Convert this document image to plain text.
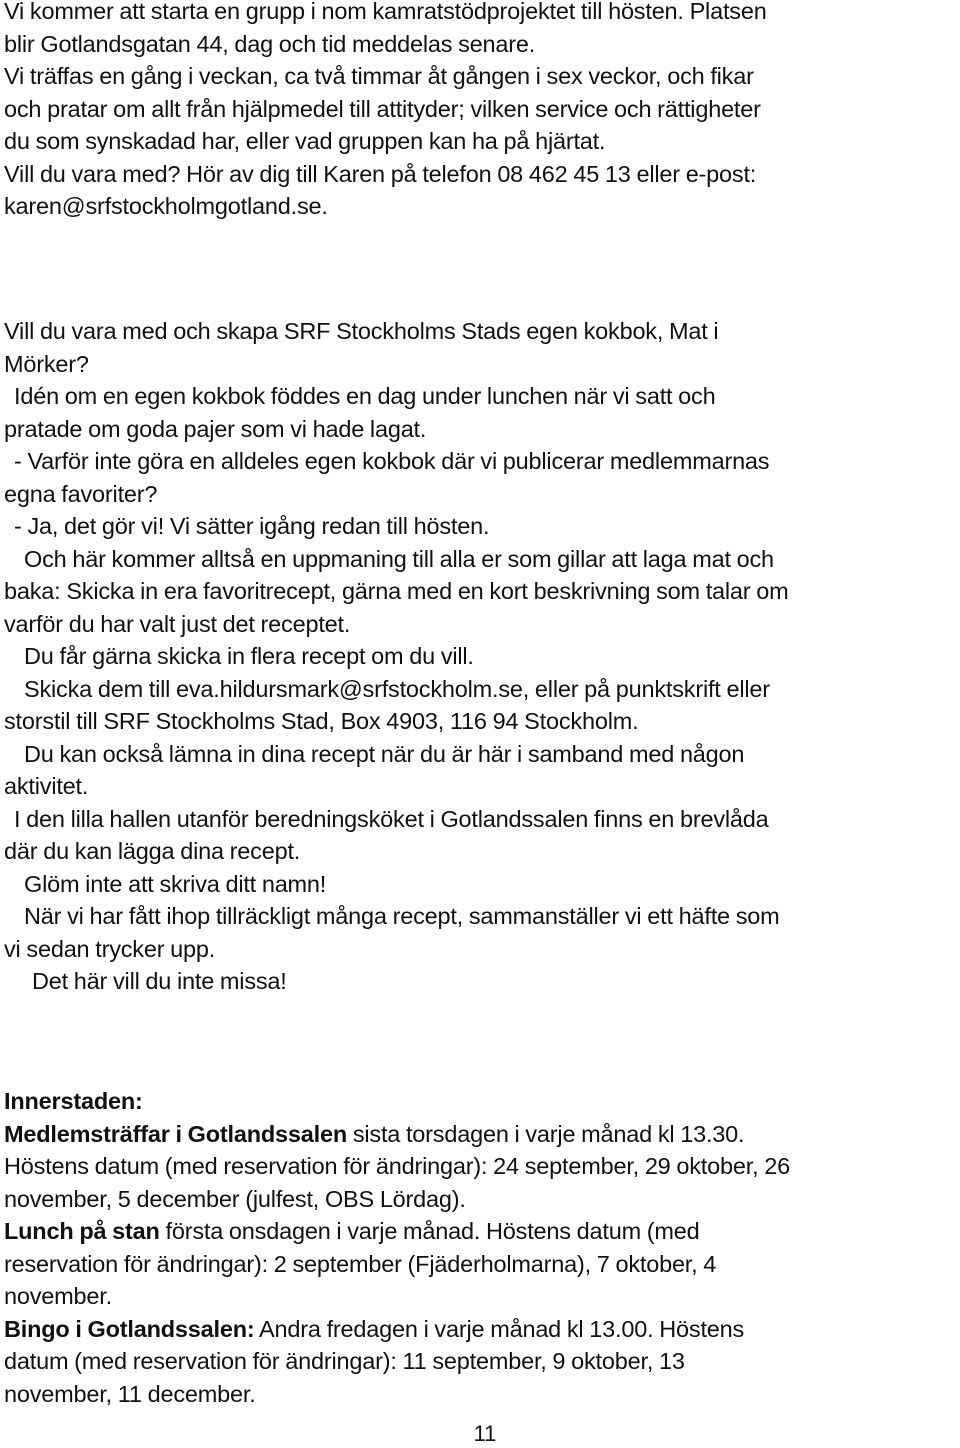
Vi kommer att starta en grupp i nom kamratstödprojektet till hösten. Platsen
blir Gotlandsgatan 44, dag och tid meddelas senare.
Vi träffas en gång i veckan, ca två timmar åt gången i sex veckor, och fikar
och pratar om allt från hjälpmedel till attityder; vilken service och rättigheter
du som synskadad har, eller vad gruppen kan ha på hjärtat.
Vill du vara med? Hör av dig till Karen på telefon 08 462 45 13 eller e-post:
karen@srfstockholmgotland.se.
Vill du vara med och skapa SRF Stockholms Stads egen kokbok, Mat i
Mörker?
Idén om en egen kokbok föddes en dag under lunchen när vi satt och
pratade om goda pajer som vi hade lagat.
- Varför inte göra en alldeles egen kokbok där vi publicerar medlemmarnas
egna favoriter?
- Ja, det gör vi! Vi sätter igång redan till hösten.
Och här kommer alltså en uppmaning till alla er som gillar att laga mat och
baka: Skicka in era favoritrecept, gärna med en kort beskrivning som talar om
varför du har valt just det receptet.
Du får gärna skicka in flera recept om du vill.
Skicka dem till eva.hildursmark@srfstockholm.se, eller på punktskrift eller
storstil till SRF Stockholms Stad, Box 4903, 116 94 Stockholm.
Du kan också lämna in dina recept när du är här i samband med någon
aktivitet.
I den lilla hallen utanför beredningsköket i Gotlandssalen finns en brevlåda
där du kan lägga dina recept.
Glöm inte att skriva ditt namn!
När vi har fått ihop tillräckligt många recept, sammanställer vi ett häfte som
vi sedan trycker upp.
Det här vill du inte missa!
Innerstaden:
Medlemsträffar i Gotlandssalen sista torsdagen i varje månad kl 13.30.
Höstens datum (med reservation för ändringar): 24 september, 29 oktober, 26
november, 5 december (julfest, OBS Lördag).
Lunch på stan första onsdagen i varje månad. Höstens datum (med
reservation för ändringar): 2 september (Fjäderholmarna), 7 oktober, 4
november.
Bingo i Gotlandssalen: Andra fredagen i varje månad kl 13.00. Höstens
datum (med reservation för ändringar): 11 september, 9 oktober, 13
november, 11 december.
11
